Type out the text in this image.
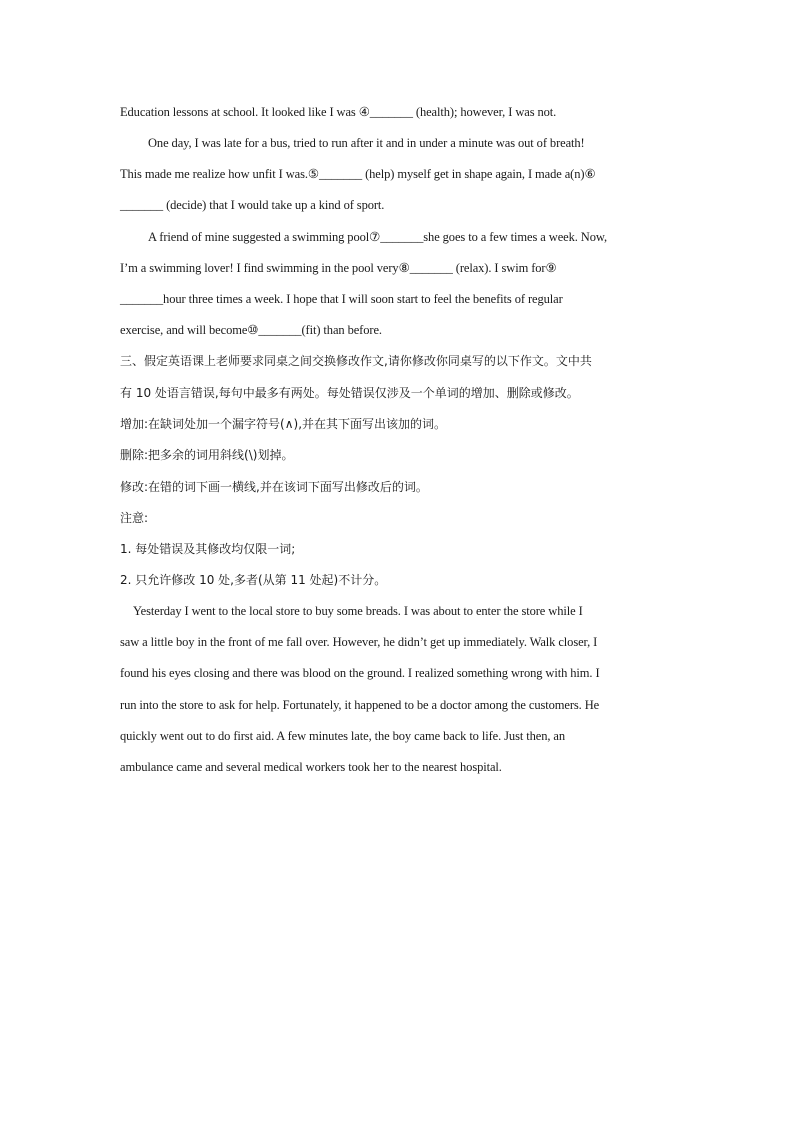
Education lessons at school. It looked like I was ④_______ (health); however, I was not.
One day, I was late for a bus, tried to run after it and in under a minute was out of breath!
This made me realize how unfit I was.⑤_______ (help) myself get in shape again, I made a(n)⑥
_______ (decide) that I would take up a kind of sport.
A friend of mine suggested a swimming pool⑦_______she goes to a few times a week. Now,
I’m a swimming lover! I find swimming in the pool very⑧_______ (relax). I swim for⑨
_______hour three times a week. I hope that I will soon start to feel the benefits of regular
exercise, and will become⑩_______(fit) than before.
三、假定英语课上老师要求同桌之间交换修改作文,请你修改你同桌写的以下作文。文中共
有 10 处语言错误,每句中最多有两处。每处错误仅涉及一个单词的增加、删除或修改。
增加:在缺词处加一个漏字符号(∧),并在其下面写出该加的词。
删除:把多余的词用斜线(\)划掉。
修改:在错的词下画一横线,并在该词下面写出修改后的词。
注意:
1. 每处错误及其修改均仅限一词;
2. 只允许修改 10 处,多者(从第 11 处起)不计分。
Yesterday I went to the local store to buy some breads. I was about to enter the store while I
saw a little boy in the front of me fall over. However, he didn’t get up immediately. Walk closer, I
found his eyes closing and there was blood on the ground. I realized something wrong with him. I
run into the store to ask for help. Fortunately, it happened to be a doctor among the customers. He
quickly went out to do first aid. A few minutes late, the boy came back to life. Just then, an
ambulance came and several medical workers took her to the nearest hospital.
